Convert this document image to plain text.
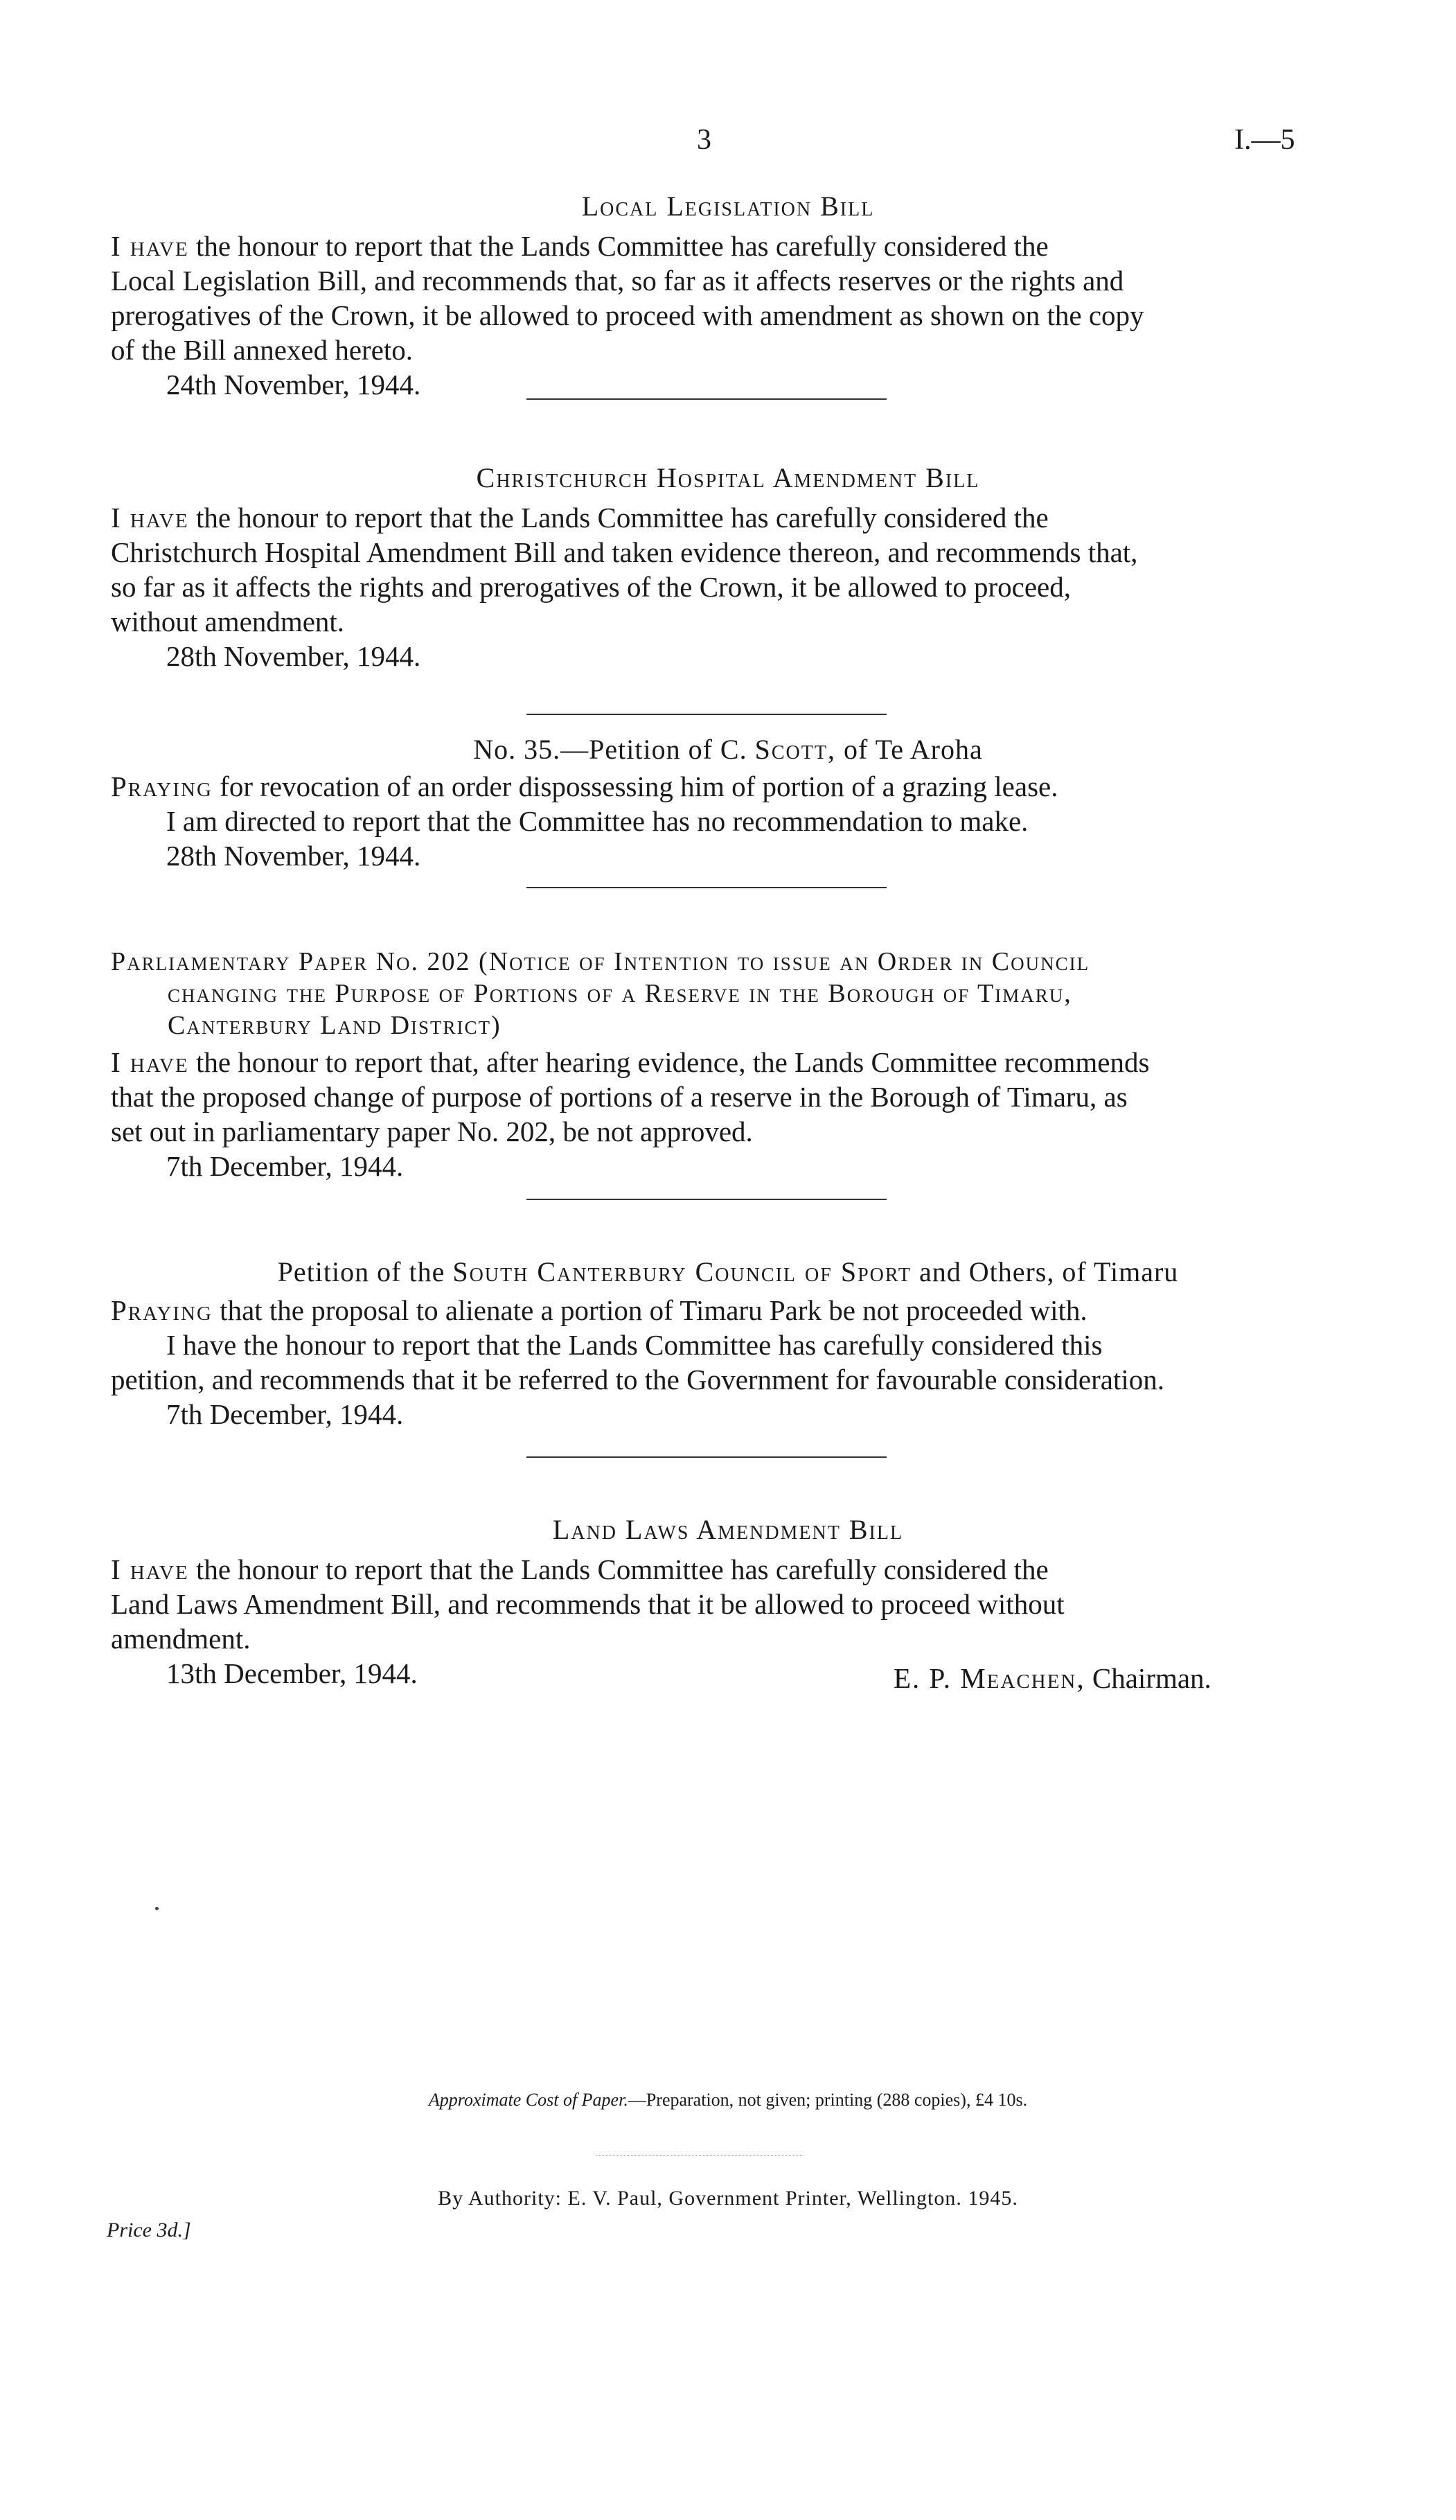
3	I.—5
Local Legislation Bill
I have the honour to report that the Lands Committee has carefully considered the
Local Legislation Bill, and recommends that, so far as it affects reserves or the rights and
prerogatives of the Crown, it be allowed to proceed with amendment as shown on the copy
of the Bill annexed hereto.
24th November, 1944.
Christchurch Hospital Amendment Bill
I have the honour to report that the Lands Committee has carefully considered the
Christchurch Hospital Amendment Bill and taken evidence thereon, and recommends that,
so far as it affects the rights and prerogatives of the Crown, it be allowed to proceed,
without amendment.
28th November, 1944.
No. 35.—Petition of C. Scott, of Te Aroha
Praying for revocation of an order dispossessing him of portion of a grazing lease.
I am directed to report that the Committee has no recommendation to make.
28th November, 1944.
Parliamentary Paper No. 202 (Notice of Intention to issue an Order in Council
changing the Purpose of Portions of a Reserve in the Borough of Timaru,
Canterbury Land District)
I have the honour to report that, after hearing evidence, the Lands Committee recommends
that the proposed change of purpose of portions of a reserve in the Borough of Timaru, as
set out in parliamentary paper No. 202, be not approved.
7th December, 1944.
Petition of the South Canterbury Council of Sport and Others, of Timaru
Praying that the proposal to alienate a portion of Timaru Park be not proceeded with.
I have the honour to report that the Lands Committee has carefully considered this
petition, and recommends that it be referred to the Government for favourable consideration.
7th December, 1944.
Land Laws Amendment Bill
I have the honour to report that the Lands Committee has carefully considered the
Land Laws Amendment Bill, and recommends that it be allowed to proceed without
amendment.
13th December, 1944.	E. P. Meachen, Chairman.
Approximate Cost of Paper.—Preparation, not given; printing (288 copies), £4 10s.
By Authority: E. V. Paul, Government Printer, Wellington. 1945.
Price 3d.]
